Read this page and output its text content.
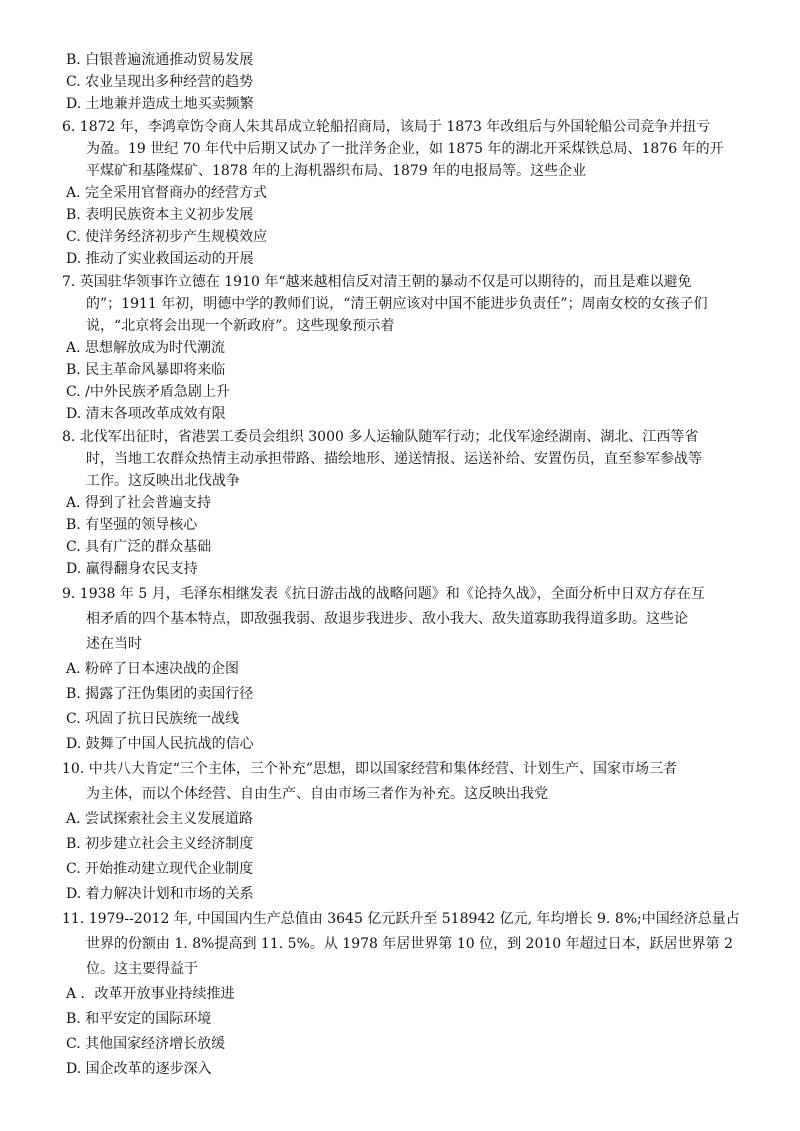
B. 白银普遍流通推动贸易发展
C. 农业呈现出多种经营的趋势
D. 土地兼并造成土地买卖频繁
6. 1872 年，李鸿章饬令商人朱其昂成立轮船招商局，该局于 1873 年改组后与外国轮船公司竞争并扭亏
为盈。19 世纪 70 年代中后期又试办了一批洋务企业，如 1875 年的湖北开采煤铁总局、1876 年的开
平煤矿和基隆煤矿、1878 年的上海机器织布局、1879 年的电报局等。这些企业
A. 完全采用官督商办的经营方式
B. 表明民族资本主义初步发展
C. 使洋务经济初步产生规模效应
D. 推动了实业救国运动的开展
7. 英国驻华领事许立德在 1910 年“越来越相信反对清王朝的暴动不仅是可以期待的，而且是难以避免
的”；1911 年初，明德中学的教师们说，“清王朝应该对中国不能进步负责任”；周南女校的女孩子们
说，“北京将会出现一个新政府”。这些现象预示着
A. 思想解放成为时代潮流
B. 民主革命风暴即将来临
C. /中外民族矛盾急剧上升
D. 清末各项改革成效有限
8. 北伐军出征时，省港罢工委员会组织 3000 多人运输队随军行动；北伐军途经湖南、湖北、江西等省
时，当地工农群众热情主动承担带路、描绘地形、递送情报、运送补给、安置伤员，直至参军参战等
工作。这反映出北伐战争
A. 得到了社会普遍支持
B. 有坚强的领导核心
C. 具有广泛的群众基础
D. 赢得翻身农民支持
9. 1938 年 5 月，毛泽东相继发表《抗日游击战的战略问题》和《论持久战》，全面分析中日双方存在互
相矛盾的四个基本特点，即敌强我弱、敌退步我进步、敌小我大、敌失道寡助我得道多助。这些论
述在当时
A. 粉碎了日本速决战的企图
B. 揭露了汪伪集团的卖国行径
C. 巩固了抗日民族统一战线
D. 鼓舞了中国人民抗战的信心
10. 中共八大肯定“三个主体，三个补充”思想，即以国家经营和集体经营、计划生产、国家市场三者
为主体，而以个体经营、自由生产、自由市场三者作为补充。这反映出我党
A. 尝试探索社会主义发展道路
B. 初步建立社会主义经济制度
C. 开始推动建立现代企业制度
D. 着力解决计划和市场的关系
11. 1979--2012 年, 中国国内生产总值由 3645 亿元跃升至 518942 亿元, 年均增长 9. 8%;中国经济总量占
世界的份额由 1. 8%提高到 11. 5%。从 1978 年居世界第 10 位，到 2010 年超过日本，跃居世界第 2
位。这主要得益于
A ．改革开放事业持续推进
B. 和平安定的国际环境
C. 其他国家经济增长放缓
D. 国企改革的逐步深入
